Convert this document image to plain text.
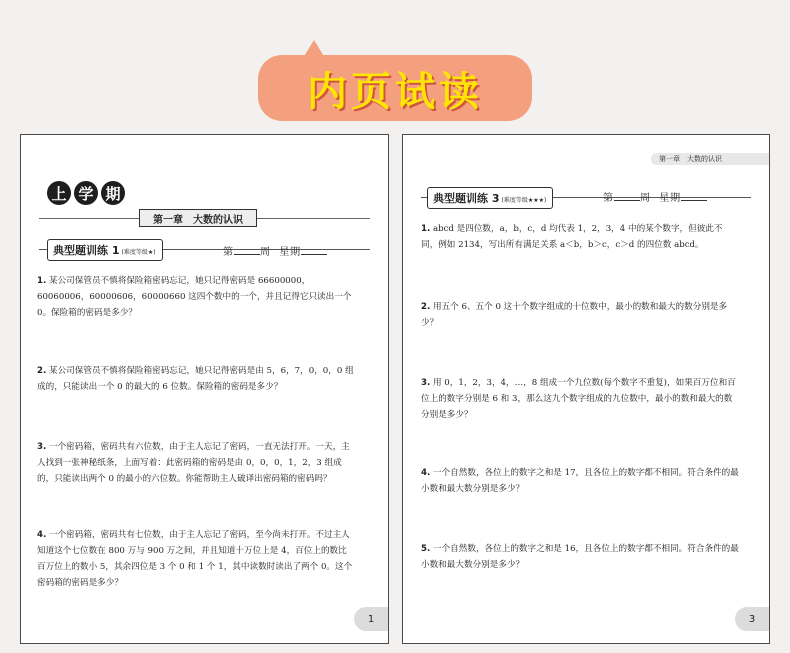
内页试读
上 学 期
第一章　大数的认识
典型题训练 1 (难度等级★)	第	周 星期
1. 某公司保管员不慎将保险箱密码忘记，她只记得密码是 66600000，60060006，60000606，60000660 这四个数中的一个，并且记得它只读出一个 0。保险箱的密码是多少？
2. 某公司保管员不慎将保险箱密码忘记，她只记得密码是由 5，6，7，0，0，0 组成的，只能读出一个 0 的最大的 6 位数。保险箱的密码是多少？
3. 一个密码箱，密码共有六位数，由于主人忘记了密码，一直无法打开。一天，主人找到一张神秘纸条，上面写着：此密码箱的密码是由 0，0，0，1，2，3 组成的，只能读出两个 0 的最小的六位数。你能帮助主人破译出密码箱的密码吗？
4. 一个密码箱，密码共有七位数，由于主人忘记了密码，至今尚未打开。不过主人知道这个七位数在 800 万与 900 万之间，并且知道十万位上是 4，百位上的数比百万位上的数小 5，其余四位是 3 个 0 和 1 个 1，其中读数时读出了两个 0。这个密码箱的密码是多少？
1
第一章　大数的认识
典型题训练 3 (难度等级★★★)	第	周 星期
1. abcd 是四位数，a，b，c，d 均代表 1，2，3，4 中的某个数字，但彼此不同，例如 2134，写出所有满足关系 a＜b，b＞c，c＞d 的四位数 abcd。
2. 用五个 6、五个 0 这十个数字组成的十位数中，最小的数和最大的数分别是多少？
3. 用 0，1，2，3，4，…，8 组成一个九位数(每个数字不重复)，如果百万位和百位上的数字分别是 6 和 3，那么这九个数字组成的九位数中，最小的数和最大的数分别是多少？
4. 一个自然数，各位上的数字之和是 17，且各位上的数字都不相同。符合条件的最小数和最大数分别是多少？
5. 一个自然数，各位上的数字之和是 16，且各位上的数字都不相同。符合条件的最小数和最大数分别是多少？
3
